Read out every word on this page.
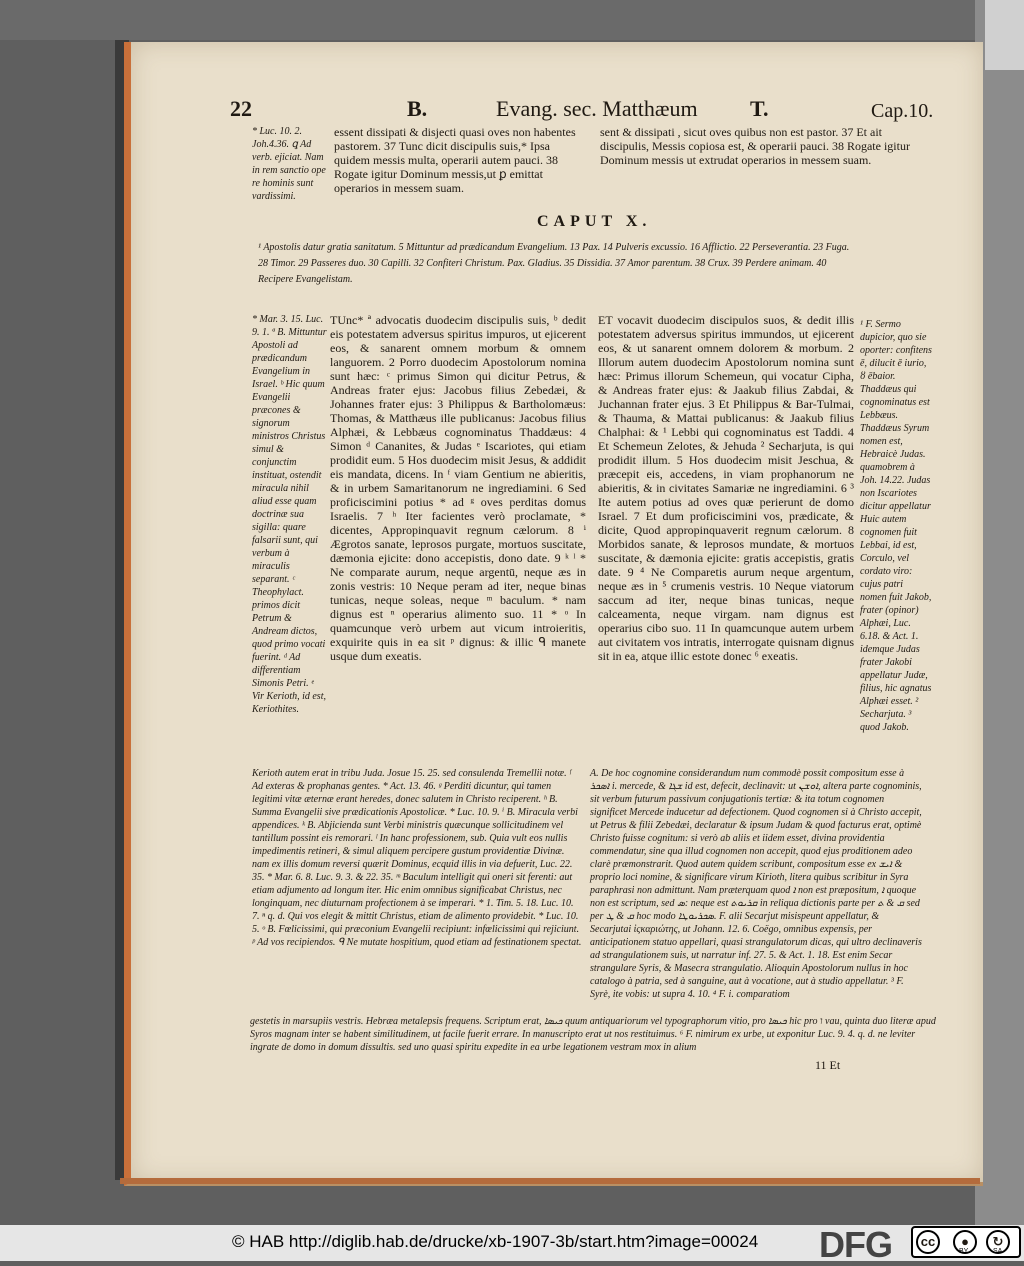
22	B.	Evang. sec. Matthæum T.	Cap.10.
* Luc. 10. 2. Joh.4.36. ꝗ Ad verb. ejiciat. Nam in rem sanctio ope re hominis sunt vardissimi.
essent dissipati & disjecti quasi oves non habentes pastorem. 37 Tunc dicit discipulis suis,* Ipsa quidem messis multa, operarii autem pauci. 38 Rogate igitur Dominum messis,ut ꝑ emittat operarios in messem suam.
sent & dissipati , sicut oves quibus non est pastor. 37 Et ait discipulis, Messis copiosa est, & operarii pauci. 38 Rogate igitur Dominum messis ut extrudat operarios in messem suam.
CAPUT X.
¹ Apostolis datur gratia sanitatum. 5 Mittuntur ad prædicandum Evangelium. 13 Pax. 14 Pulveris excussio. 16 Afflictio. 22 Perseverantia. 23 Fuga. 28 Timor. 29 Passeres duo. 30 Capilli. 32 Confiteri Christum. Pax. Gladius. 35 Dissidia. 37 Amor parentum. 38 Crux. 39 Perdere animam. 40 Recipere Evangelistam.
* Mar. 3. 15. Luc. 9. 1. ª B. Mittuntur Apostoli ad prædicandum Evangelium in Israel. ᵇ Hic quum Evangelii præcones & signorum ministros Christus simul & conjunctim instituat, ostendit miracula nihil aliud esse quam doctrinæ sua sigilla: quare falsarii sunt, qui verbum à miraculis separant. ᶜ Theophylact. primos dicit Petrum & Andream dictos, quod primo vocati fuerint. ᵈ Ad differentiam Simonis Petri. ᵉ Vir Kerioth, id est, Keriothites.
TUnc* ª advocatis duodecim discipulis suis, ᵇ dedit eis potestatem adversus spiritus impuros, ut ejicerent eos, & sanarent omnem morbum & omnem languorem. 2 Porro duodecim Apostolorum nomina sunt hæc: ᶜ primus Simon qui dicitur Petrus, & Andreas frater ejus: Jacobus filius Zebedæi, & Johannes frater ejus: 3 Philippus & Bartholomæus: Thomas, & Matthæus ille publicanus: Jacobus filius Alphæi, & Lebbæus cognominatus Thaddæus: 4 Simon ᵈ Cananites, & Judas ᵉ Iscariotes, qui etiam prodidit eum. 5 Hos duodecim misit Jesus, & addidit eis mandata, dicens. In ᶠ viam Gentium ne abieritis, & in urbem Samaritanorum ne ingrediamini. 6 Sed proficiscimini potius * ad ᵍ oves perditas domus Israelis. 7 ʰ Iter facientes verò proclamate, * dicentes, Appropinquavit regnum cælorum. 8 ⁱ Ægrotos sanate, leprosos purgate, mortuos suscitate, dæmonia ejicite: dono accepistis, dono date. 9 ᵏ ˡ * Ne comparate aurum, neque argentū, neque æs in zonis vestris: 10 Neque peram ad iter, neque binas tunicas, neque soleas, neque ᵐ baculum. * nam dignus est ⁿ operarius alimento suo. 11 * ᵒ In quamcunque verò urbem aut vicum introieritis, exquirite quis in ea sit ᵖ dignus: & illic ᑫ manete usque dum exeatis.
ET vocavit duodecim discipulos suos, & dedit illis potestatem adversus spiritus immundos, ut ejicerent eos, & ut sanarent omnem dolorem & morbum. 2 Illorum autem duodecim Apostolorum nomina sunt hæc: Primus illorum Schemeun, qui vocatur Cipha, & Andreas frater ejus: & Jaakub filius Zabdai, & Juchannan frater ejus. 3 Et Philippus & Bar-Tulmai, & Thauma, & Mattai publicanus: & Jaakub filius Chalphai: & ¹ Lebbi qui cognominatus est Taddi. 4 Et Schemeun Zelotes, & Jehuda ² Secharjuta, is qui prodidit illum. 5 Hos duodecim misit Jeschua, & præcepit eis, accedens, in viam prophanorum ne abieritis, & in civitates Samariæ ne ingrediamini. 6 ³ Ite autem potius ad oves quæ perierunt de domo Israel. 7 Et dum proficiscimini vos, prædicate, & dicite, Quod appropinquaverit regnum cælorum. 8 Morbidos sanate, & leprosos mundate, & mortuos suscitate, & dæmonia ejicite: gratis accepistis, gratis date. 9 ⁴ Ne Comparetis aurum neque argentum, neque æs in ⁵ crumenis vestris. 10 Neque viatorum saccum ad iter, neque binas tunicas, neque calceamenta, neque virgam. nam dignus est operarius cibo suo. 11 In quamcunque autem urbem aut civitatem vos intratis, interrogate quisnam dignus sit in ea, atque illic estote donec ⁶ exeatis.
¹ F. Sermo dupicior, quo sie oporter: confitens ē, dilucit ē iurio, ȣ ēbaior. Thaddæus qui cognominatus est Lebbæus. Thaddæus Syrum nomen est, Hebraicè Judas. quamobrem à Joh. 14.22. Judas non Iscariotes dicitur appellatur Huic autem cognomen fuit Lebbai, id est, Corculo, vel cordato viro: cujus patri nomen fuit Jakob, frater (opinor) Alphæi, Luc. 6.18. & Act. 1. idemque Judas frater Jakobi appellatur Judæ, filius, hic agnatus Alphæi esset. ² Secharjuta. ³ quod Jakob.
Kerioth autem erat in tribu Juda. Josue 15. 25. sed consulenda Tremellii notæ. ᶠ Ad exteras & prophanas gentes. * Act. 13. 46. ᵍ Perditi dicuntur, qui tamen legitimi vitæ æternæ erant heredes, donec salutem in Christo reciperent. ʰ B. Summa Evangelii sive prædicationis Apostolicæ. * Luc. 10. 9. ⁱ B. Miracula verbi appendices. ᵏ B. Abjicienda sunt Verbi ministris quæcunque sollicitudinem vel tantillum possint eis remorari. ˡ In hanc professionem, sub. Quia vult eos nullis impedimentis retineri, & simul aliquem percipere gustum providentiæ Divinæ. nam ex illis domum reversi quærit Dominus, ecquid illis in via defuerit, Luc. 22. 35. * Mar. 6. 8. Luc. 9. 3. & 22. 35. ᵐ Baculum intelligit qui oneri sit ferenti: aut etiam adjumento ad longum iter. Hic enim omnibus significabat Christus, nec longinquam, nec diuturnam profectionem à se imperari. * 1. Tim. 5. 18. Luc. 10. 7. ⁿ q. d. Qui vos elegit & mittit Christus, etiam de alimento providebit. * Luc. 10. 5. ᵒ B. Fœlicissimi, qui præconium Evangelii recipiunt: infœlicissimi qui rejiciunt. ᵖ Ad vos recipiendos. ᑫ Ne mutate hospitium, quod etiam ad festinationem spectat.
A. De hoc cognomine considerandum num commodè possit compositum esse à ܐܣܟܪ i. mercede, & ܫܓܐ id est, defecit, declinavit: ut ܐܘܫܢ, altera parte cognominis, sit verbum futurum passivum conjugationis tertiæ: & ita totum cognomen significet Mercede inducetur ad defectionem. Quod cognomen si à Christo accepit, ut Petrus & filii Zebedæi, declaratur & ipsum Judam & quod facturus erat, optimè Christo fuisse cognitum: si verò ab aliis et iidem esset, divina providentia commendatur, sine qua illud cognomen non accepit, quod ejus proditionem adeo clarè præmonstrarit. Quod autem quidem scribunt, compositum esse ex ܐܝܫ & proprio loci nomine, & significare virum Kirioth, litera quibus scribitur in Syra paraphrasi non admittunt. Nam præterquam quod ܐ non est præpositum, ܐ quoque non est scriptum, sed ܣ: neque est ܩܪܝܘܬ in reliqua dictionis parte per ܩ & ܬ sed per ܩ & ܛ hoc modo ܣܟܪܝܘܛܐ. F. alii Secarjut misispeunt appellatur, & Secarjutai ἰςκαριώτης, ut Johann. 12. 6. Coëgo, omnibus expensis, per anticipationem statuo appellari, quasi strangulatorum dicas, qui ultro declinaveris ad strangulationem suis, ut narratur inf. 27. 5. & Act. 1. 18. Est enim Secar strangulare Syris, & Masecra strangulatio. Alioquin Apostolorum nullus in hoc catalogo à patria, sed à sanguine, aut à vocatione, aut à studio appellatur. ³ F. Syrè, ite vobis: ut supra 4. 10. ⁴ F. i. comparatiom
gestetis in marsupiis vestris. Hebræa metalepsis frequens. Scriptum erat, ܟܝܣܐ quum antiquariorum vel typographorum vitio, pro ܟܝܣܐ hic pro ו vau, quinta duo literæ apud Syros magnam inter se habent similitudinem, ut facile fuerit errare. In manuscripto erat ut nos restituimus. ⁶ F. nimirum ex urbe, ut exponitur Luc. 9. 4. q. d. ne leviter ingrate de domo in domum dissultis. sed uno quasi spiritu expedite in ea urbe legationem vestram mox in alium
11 Et
© HAB http://diglib.hab.de/drucke/xb-1907-3b/start.htm?image=00024 DFG	cc	●	↻
BY	SA
